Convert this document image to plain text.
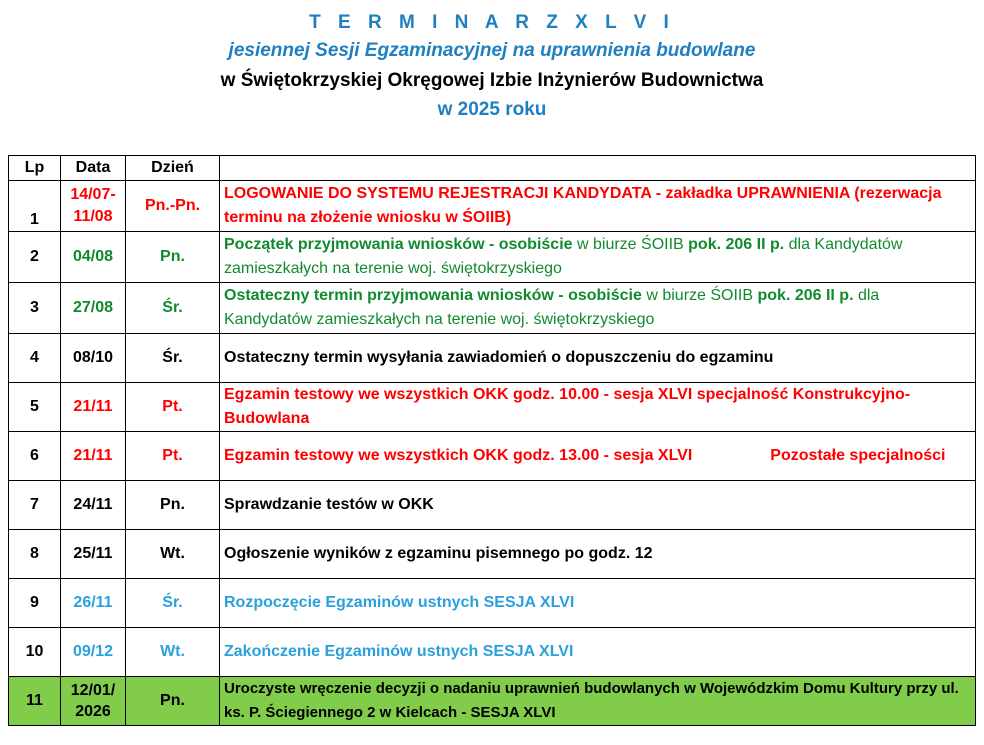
T E R M I N A R Z X L V I
jesiennej Sesji Egzaminacyjnej na uprawnienia budowlane
w Świętokrzyskiej Okręgowej Izbie Inżynierów Budownictwa
w 2025 roku
Lp	Data	Dzień	
1	14/07-11/08	Pn.-Pn.	LOGOWANIE DO SYSTEMU REJESTRACJI KANDYDATA - zakładka UPRAWNIENIA (rezerwacja terminu na złożenie wniosku w ŚOIIB)
2	04/08	Pn.	Początek przyjmowania wniosków - osobiście w biurze ŚOIIB pok. 206 II p. dla Kandydatów zamieszkałych na terenie woj. świętokrzyskiego
3	27/08	Śr.	Ostateczny termin przyjmowania wniosków - osobiście w biurze ŚOIIB pok. 206 II p. dla Kandydatów zamieszkałych na terenie woj. świętokrzyskiego
4	08/10	Śr.	Ostateczny termin wysyłania zawiadomień o dopuszczeniu do egzaminu
5	21/11	Pt.	Egzamin testowy we wszystkich OKK godz. 10.00 - sesja XLVI specjalność Konstrukcyjno-Budowlana
6	21/11	Pt.	Egzamin testowy we wszystkich OKK godz. 13.00 - sesja XLVI Pozostałe specjalności
7	24/11	Pn.	Sprawdzanie testów w OKK
8	25/11	Wt.	Ogłoszenie wyników z egzaminu pisemnego po godz. 12
9	26/11	Śr.	Rozpoczęcie Egzaminów ustnych SESJA XLVI
10	09/12	Wt.	Zakończenie Egzaminów ustnych SESJA XLVI
11	12/01/ 2026	Pn.	Uroczyste wręczenie decyzji o nadaniu uprawnień budowlanych w Wojewódzkim Domu Kultury przy ul. ks. P. Ściegiennego 2 w Kielcach - SESJA XLVI
